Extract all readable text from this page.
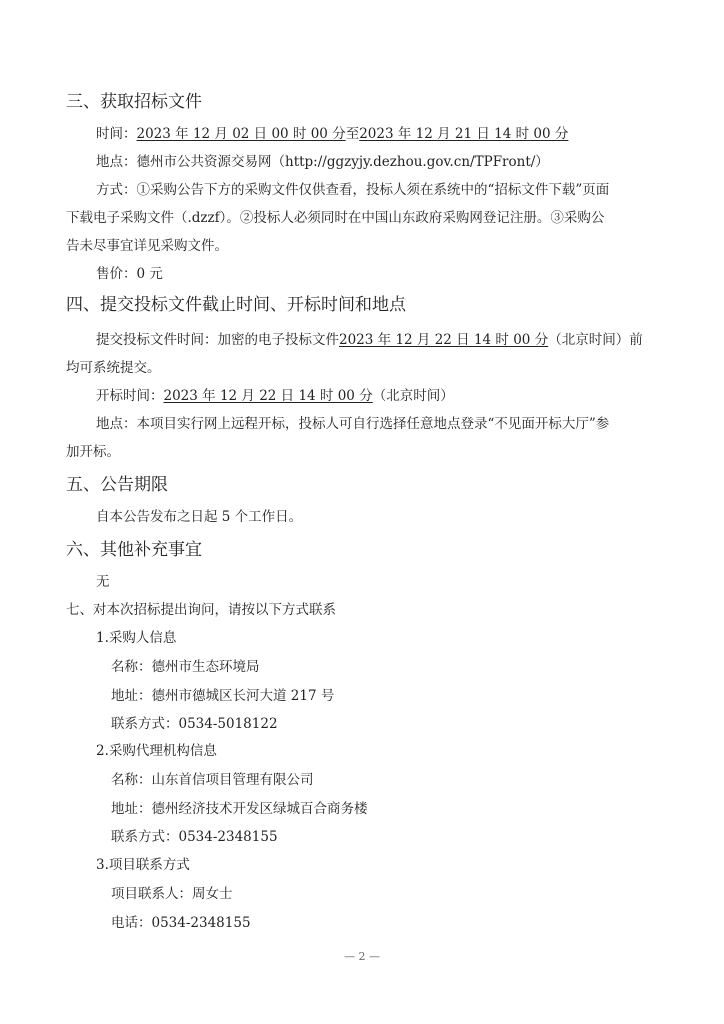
三、获取招标文件
时间：2023 年 12 月 02 日 00 时 00 分至2023 年 12 月 21 日 14 时 00 分
地点：德州市公共资源交易网（http://ggzyjy.dezhou.gov.cn/TPFront/）
方式：①采购公告下方的采购文件仅供查看，投标人须在系统中的“招标文件下载”页面
下载电子采购文件（.dzzf）。②投标人必须同时在中国山东政府采购网登记注册。③采购公
告未尽事宜详见采购文件。
售价：0 元
四、提交投标文件截止时间、开标时间和地点
提交投标文件时间：加密的电子投标文件2023 年 12 月 22 日 14 时 00 分（北京时间）前
均可系统提交。
开标时间：2023 年 12 月 22 日 14 时 00 分（北京时间）
地点：本项目实行网上远程开标，投标人可自行选择任意地点登录“不见面开标大厅”参
加开标。
五、公告期限
自本公告发布之日起 5 个工作日。
六、其他补充事宜
无
七、对本次招标提出询问，请按以下方式联系
1.采购人信息
名称：德州市生态环境局
地址：德州市德城区长河大道 217 号
联系方式：0534-5018122
2.采购代理机构信息
名称：山东首信项目管理有限公司
地址：德州经济技术开发区绿城百合商务楼
联系方式：0534-2348155
3.项目联系方式
项目联系人：周女士
电话：0534-2348155
— 2 —
